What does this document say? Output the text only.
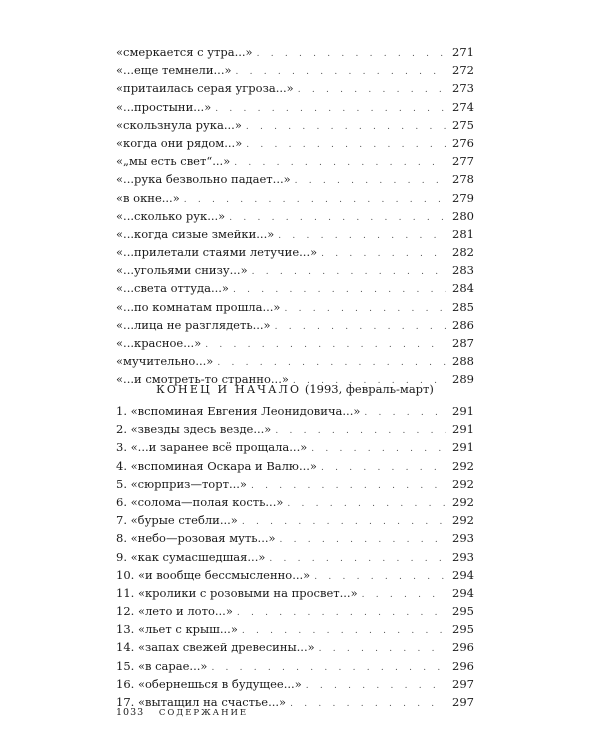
«смеркается с утра...» . . .	271
«...еще темнели...» . . .	272
«притаилась серая угроза...» . . .	273
«...простыни...» . . .	274
«скользнула рука...» . . .	275
«когда они рядом...» . . .	276
«„мы есть свет“...» . . .	277
«...рука безвольно падает...» . . .	278
«в окне...» . . .	279
«...сколько рук...» . . .	280
«...когда сизые змейки...» . . .	281
«...прилетали стаями летучие...» . . .	282
«...угольями снизу...» . . .	283
«...света оттуда...» . . .	284
«...по комнатам прошла...» . . .	285
«...лица не разглядеть...» . . .	286
«...красное...» . . .	287
«мучительно...» . . .	288
«...и смотреть-то странно...» . . .	289
КОНЕЦ И НАЧАЛО (1993, февраль-март)
1. «вспоминая Евгения Леонидовича...» . . .	291
2. «звезды здесь везде...» . . .	291
3. «...и заранее всё прощала...» . . .	291
4. «вспоминая Оскара и Валю...» . . .	292
5. «сюрприз—торт...» . . .	292
6. «солома—полая кость...» . . .	292
7. «бурые стебли...» . . .	292
8. «небо—розовая муть...» . . .	293
9. «как сумасшедшая...» . . .	293
10. «и вообще бессмысленно...» . . .	294
11. «кролики с розовыми на просвет...» . . .	294
12. «лето и лото...» . . .	295
13. «льет с крыш...» . . .	295
14. «запах свежей древесины...» . . .	296
15. «в сарае...» . . .	296
16. «обернешься в будущее...» . . .	297
17. «вытащил на счастье...» . . .	297
1033 СОДЕРЖАНИЕ
